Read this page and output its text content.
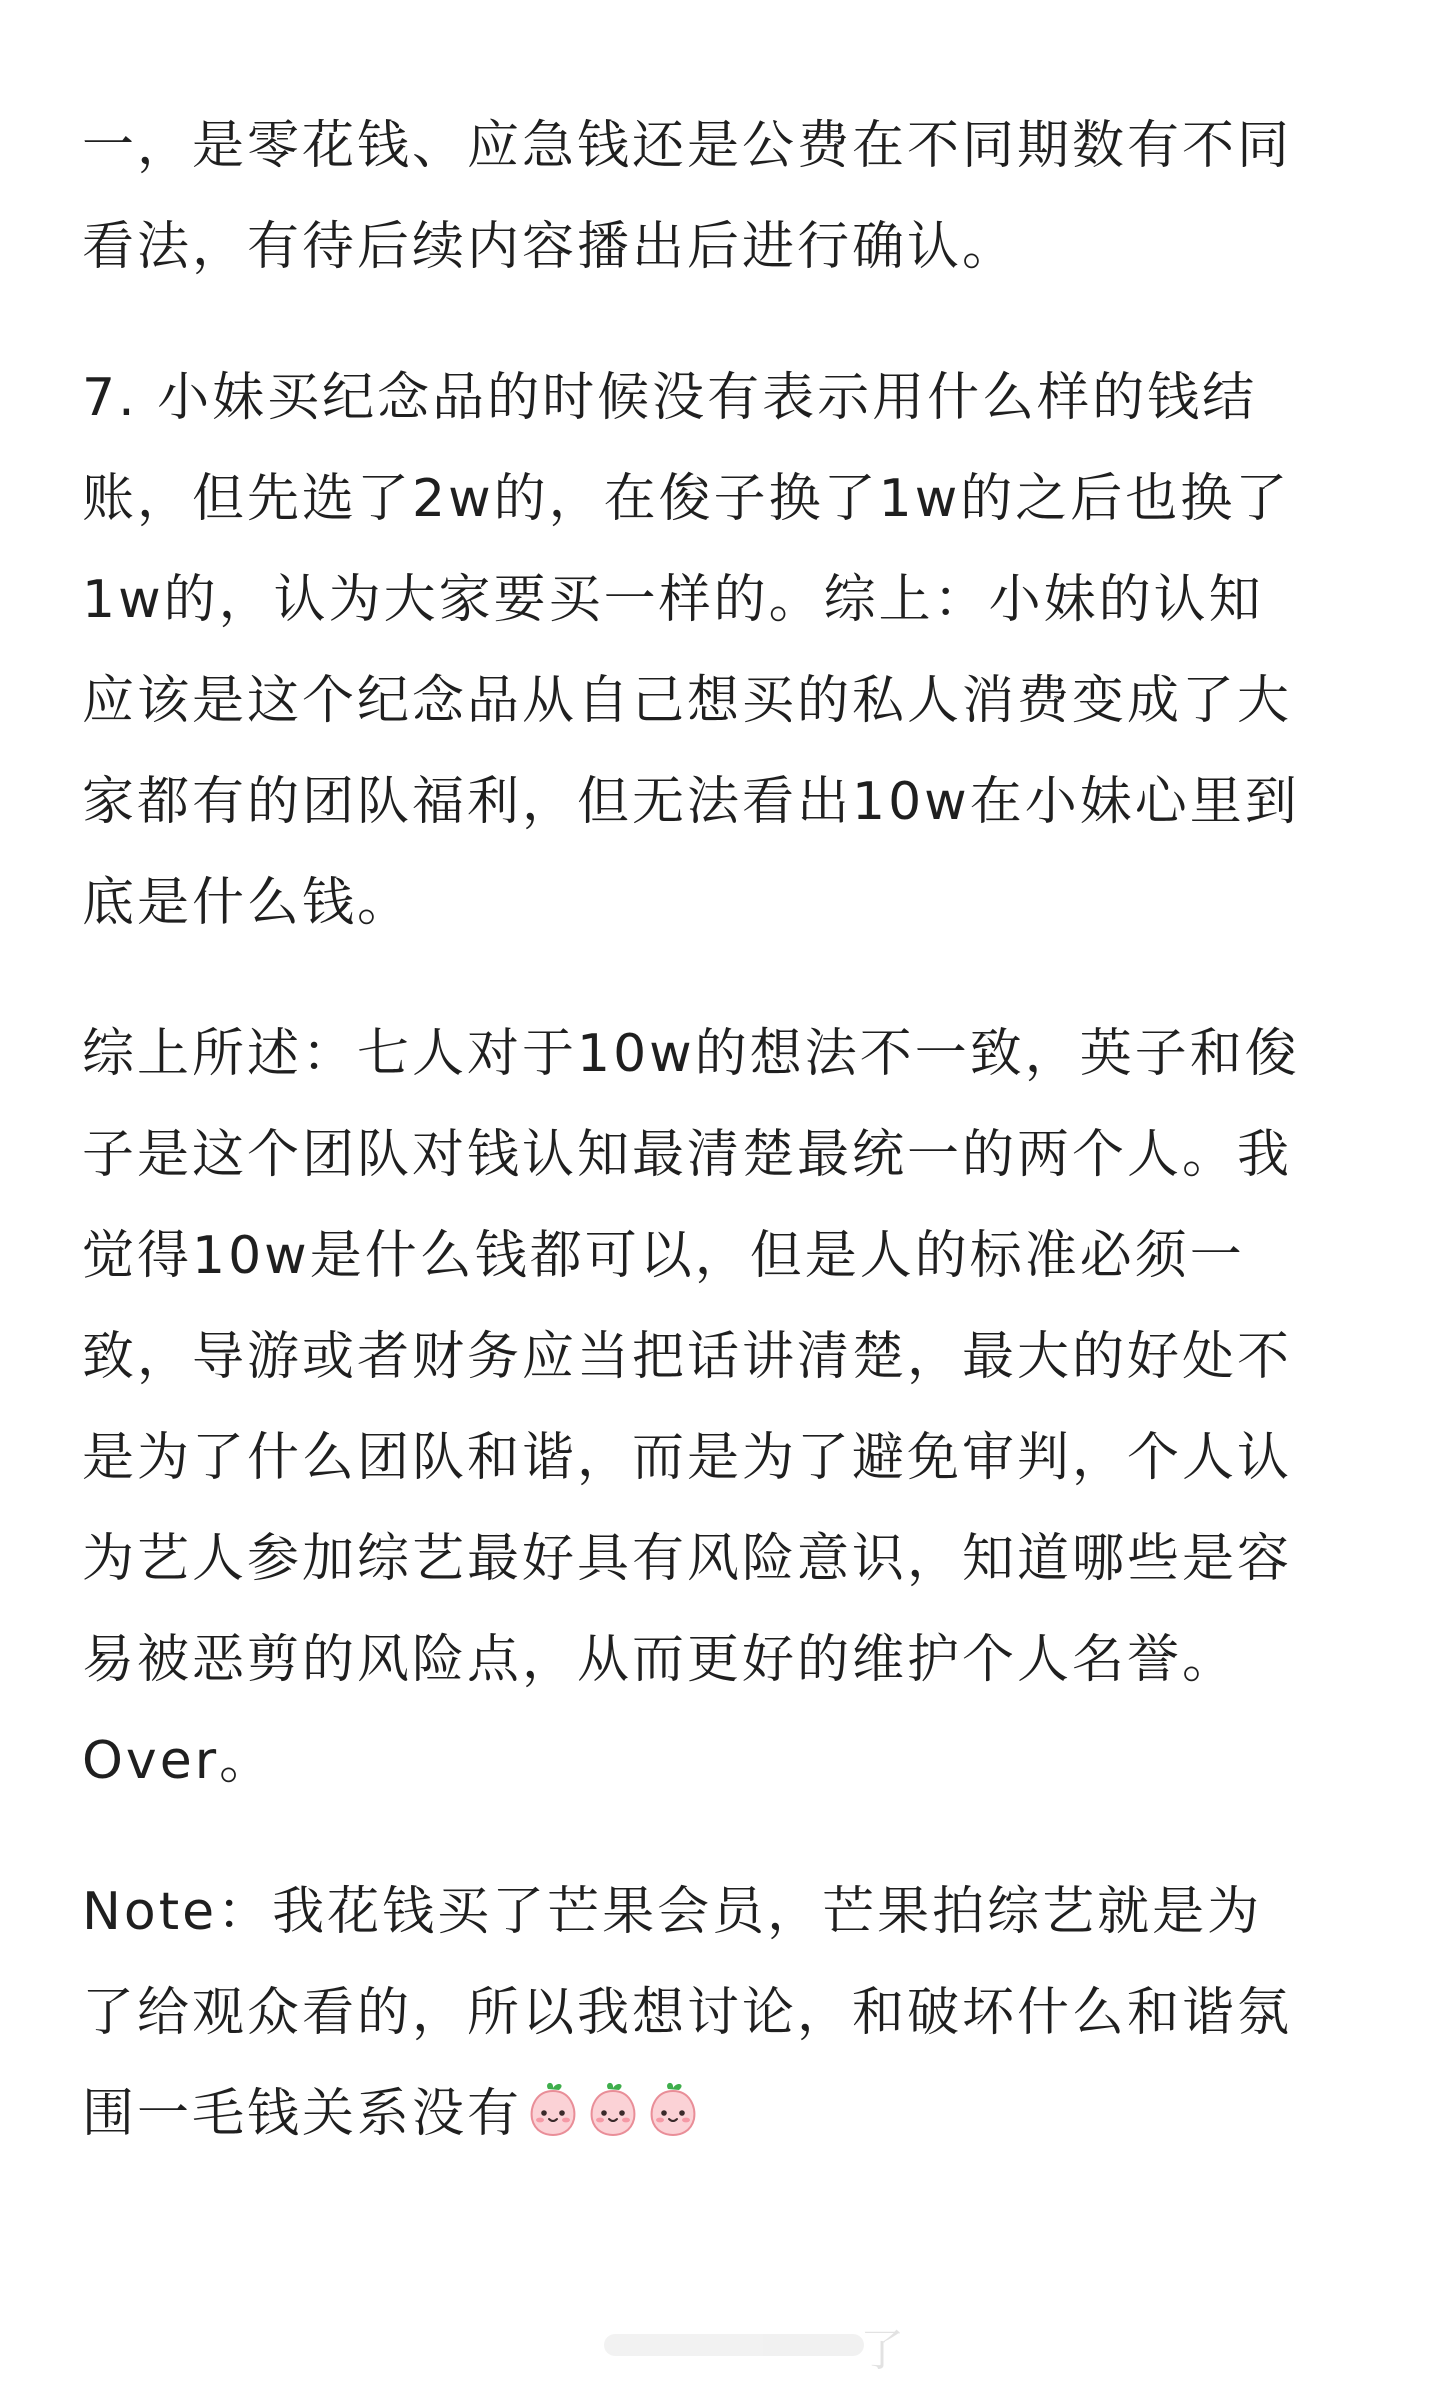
一，是零花钱、应急钱还是公费在不同期数有不同
看法，有待后续内容播出后进行确认。

7. 小妹买纪念品的时候没有表示用什么样的钱结
账，但先选了2w的，在俊子换了1w的之后也换了
1w的，认为大家要买一样的。综上：小妹的认知
应该是这个纪念品从自己想买的私人消费变成了大
家都有的团队福利，但无法看出10w在小妹心里到
底是什么钱。

综上所述：七人对于10w的想法不一致，英子和俊
子是这个团队对钱认知最清楚最统一的两个人。我
觉得10w是什么钱都可以，但是人的标准必须一
致，导游或者财务应当把话讲清楚，最大的好处不
是为了什么团队和谐，而是为了避免审判，个人认
为艺人参加综艺最好具有风险意识，知道哪些是容
易被恶剪的风险点，从而更好的维护个人名誉。
Over。

Note：我花钱买了芒果会员，芒果拍综艺就是为
了给观众看的，所以我想讨论，和破坏什么和谐氛
围一毛钱关系没有

了
